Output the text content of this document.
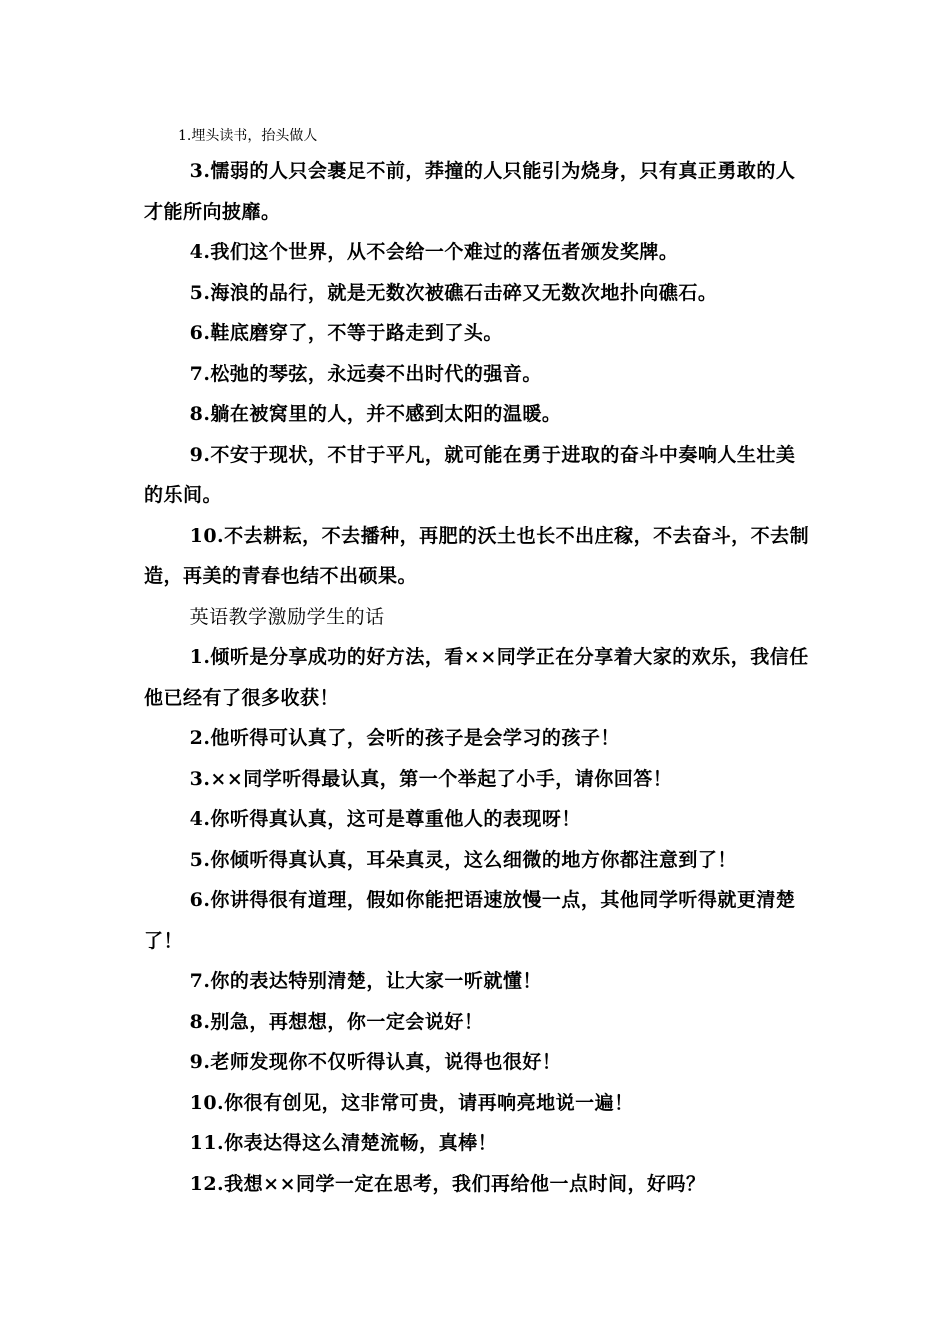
1.埋头读书，抬头做人

3.懦弱的人只会裹足不前，莽撞的人只能引为烧身，只有真正勇敢的人才能所向披靡。

4.我们这个世界，从不会给一个难过的落伍者颁发奖牌。

5.海浪的品行，就是无数次被礁石击碎又无数次地扑向礁石。

6.鞋底磨穿了，不等于路走到了头。

7.松弛的琴弦，永远奏不出时代的强音。

8.躺在被窝里的人，并不感到太阳的温暖。

9.不安于现状，不甘于平凡，就可能在勇于进取的奋斗中奏响人生壮美的乐间。

10.不去耕耘，不去播种，再肥的沃土也长不出庄稼，不去奋斗，不去制造，再美的青春也结不出硕果。

英语教学激励学生的话

1.倾听是分享成功的好方法，看××同学正在分享着大家的欢乐，我信任他已经有了很多收获！

2.他听得可认真了，会听的孩子是会学习的孩子！

3.××同学听得最认真，第一个举起了小手，请你回答！

4.你听得真认真，这可是尊重他人的表现呀！

5.你倾听得真认真，耳朵真灵，这么细微的地方你都注意到了！

6.你讲得很有道理，假如你能把语速放慢一点，其他同学听得就更清楚了！

7.你的表达特别清楚，让大家一听就懂！

8.别急，再想想，你一定会说好！

9.老师发现你不仅听得认真，说得也很好！

10.你很有创见，这非常可贵，请再响亮地说一遍！

11.你表达得这么清楚流畅，真棒！

12.我想××同学一定在思考，我们再给他一点时间，好吗？
